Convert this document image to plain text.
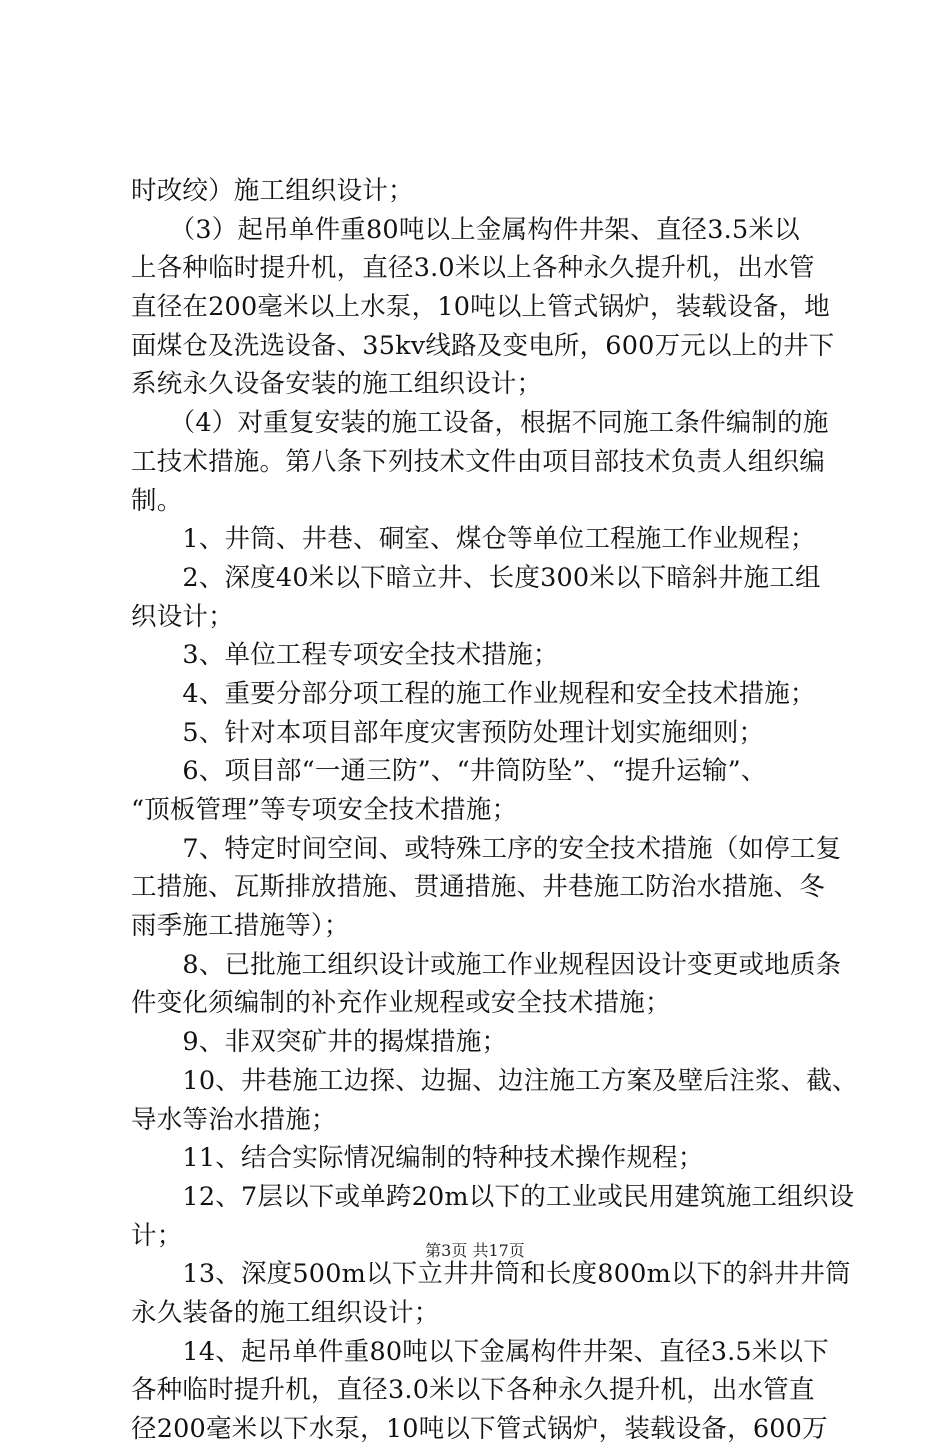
时改绞）施工组织设计；
　　（3）起吊单件重80吨以上金属构件井架、直径3.5米以
上各种临时提升机，直径3.0米以上各种永久提升机，出水管
直径在200毫米以上水泵，10吨以上管式锅炉，装载设备，地
面煤仓及洗选设备、35kv线路及变电所，600万元以上的井下
系统永久设备安装的施工组织设计；
　　（4）对重复安装的施工设备，根据不同施工条件编制的施
工技术措施。第八条下列技术文件由项目部技术负责人组织编
制。
　　1、井筒、井巷、硐室、煤仓等单位工程施工作业规程；
　　2、深度40米以下暗立井、长度300米以下暗斜井施工组
织设计；
　　3、单位工程专项安全技术措施；
　　4、重要分部分项工程的施工作业规程和安全技术措施；
　　5、针对本项目部年度灾害预防处理计划实施细则；
　　6、项目部“一通三防”、“井筒防坠”、“提升运输”、
“顶板管理”等专项安全技术措施；
　　7、特定时间空间、或特殊工序的安全技术措施（如停工复
工措施、瓦斯排放措施、贯通措施、井巷施工防治水措施、冬
雨季施工措施等）；
　　8、已批施工组织设计或施工作业规程因设计变更或地质条
件变化须编制的补充作业规程或安全技术措施；
　　9、非双突矿井的揭煤措施；
　　10、井巷施工边探、边掘、边注施工方案及壁后注浆、截、
导水等治水措施；
　　11、结合实际情况编制的特种技术操作规程；
　　12、7层以下或单跨20m以下的工业或民用建筑施工组织设
计；
　　13、深度500m以下立井井筒和长度800m以下的斜井井筒
永久装备的施工组织设计；
　　14、起吊单件重80吨以下金属构件井架、直径3.5米以下
各种临时提升机，直径3.0米以下各种永久提升机，出水管直
径200毫米以下水泵，10吨以下管式锅炉，装载设备，600万
第3页 共17页
